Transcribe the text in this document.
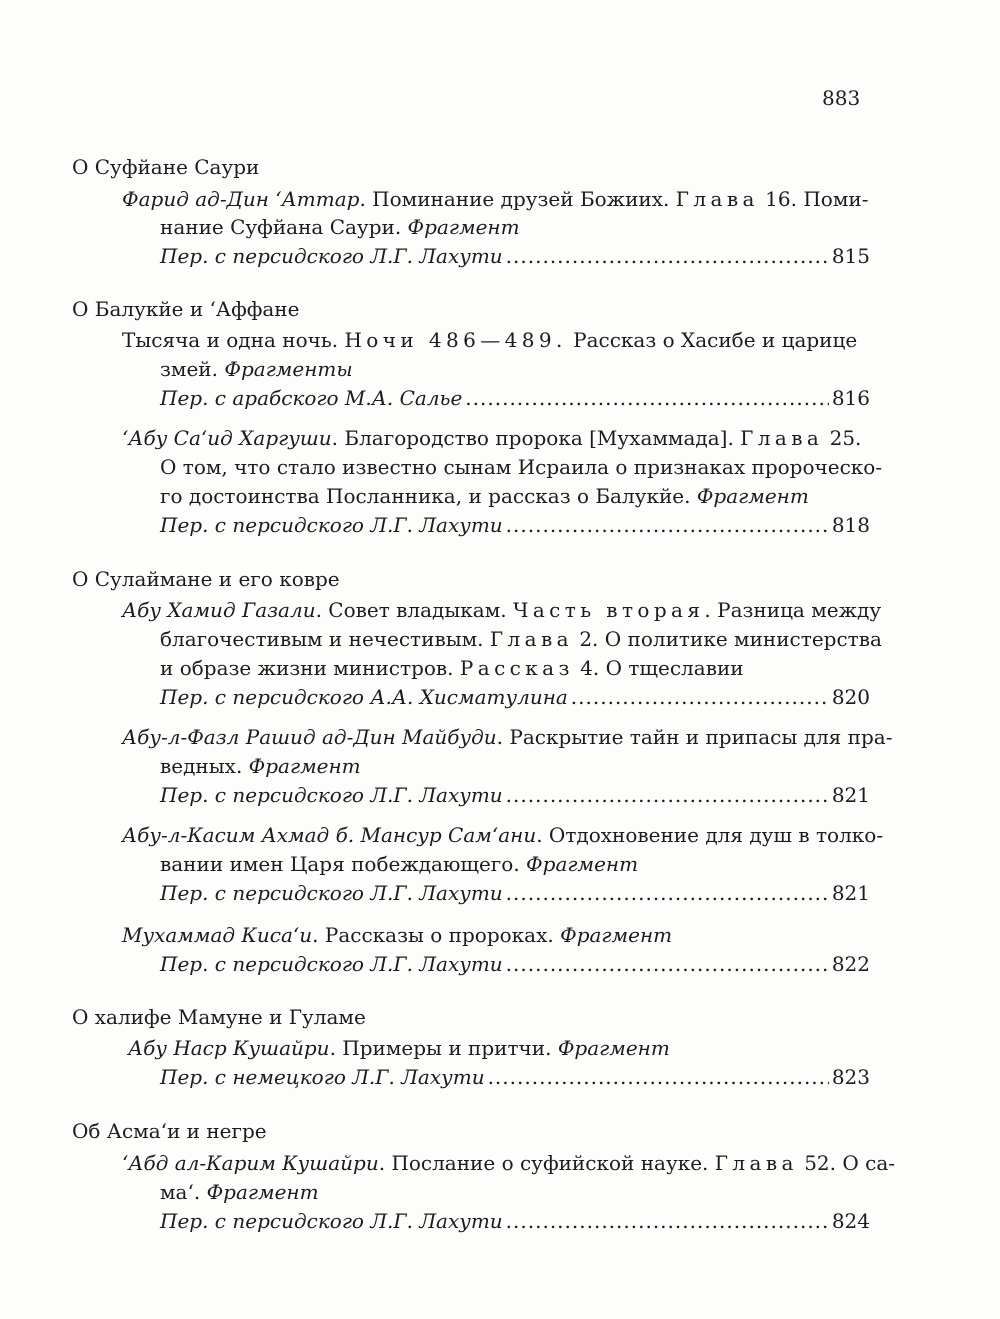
883
О Суфйане Саури
Фарид ад-Дин ‘Аттар. Поминание друзей Божиих. Глава 16. Поми-
нание Суфйана Саури. Фрагмент
Пер. с персидского Л.Г. Лахути .....	815
О Балукйе и ‘Аффане
Тысяча и одна ночь. Ночи 486—489. Рассказ о Хасибе и царице
змей. Фрагменты
Пер. с арабского М.А. Салье .....	816
‘Абу Са‘ид Харгуши. Благородство пророка [Мухаммада]. Глава 25.
О том, что стало известно сынам Исраила о признаках пророческо-
го достоинства Посланника, и рассказ о Балукйе. Фрагмент
Пер. с персидского Л.Г. Лахути .....	818
О Сулаймане и его ковре
Абу Хамид Газали. Совет владыкам. Часть вторая. Разница между
благочестивым и нечестивым. Глава 2. О политике министерства
и образе жизни министров. Рассказ 4. О тщеславии
Пер. с персидского А.А. Хисматулина .....	820
Абу-л-Фазл Рашид ад-Дин Майбуди. Раскрытие тайн и припасы для пра-
ведных. Фрагмент
Пер. с персидского Л.Г. Лахути .....	821
Абу-л-Касим Ахмад б. Мансур Сам‘ани. Отдохновение для душ в толко-
вании имен Царя побеждающего. Фрагмент
Пер. с персидского Л.Г. Лахути .....	821
Мухаммад Киса‘и. Рассказы о пророках. Фрагмент
Пер. с персидского Л.Г. Лахути .....	822
О халифе Мамуне и Гуламе
Абу Наср Кушайри. Примеры и притчи. Фрагмент
Пер. с немецкого Л.Г. Лахути .....	823
Об Асма‘и и негре
‘Абд ал-Карим Кушайри. Послание о суфийской науке. Глава 52. О са-
ма‘. Фрагмент
Пер. с персидского Л.Г. Лахути .....	824
